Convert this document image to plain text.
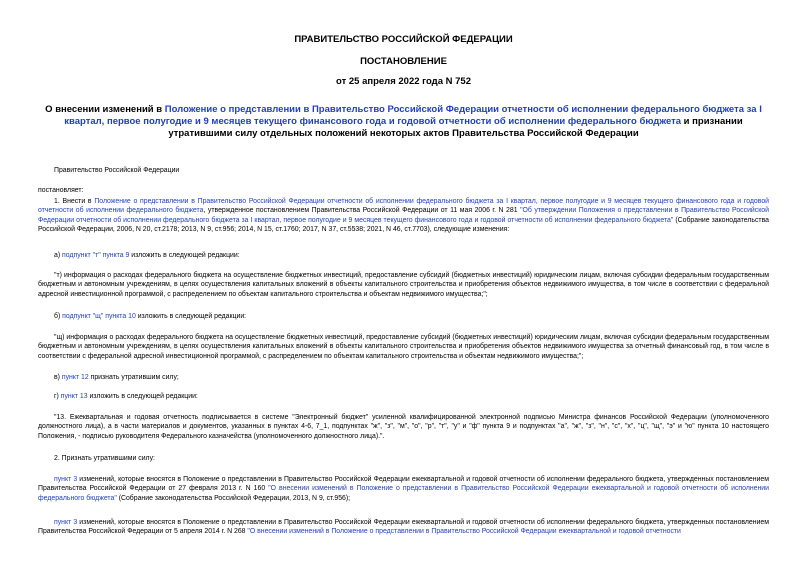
ПРАВИТЕЛЬСТВО РОССИЙСКОЙ ФЕДЕРАЦИИ
ПОСТАНОВЛЕНИЕ
от 25 апреля 2022 года N 752
О внесении изменений в Положение о представлении в Правительство Российской Федерации отчетности об исполнении федерального бюджета за I квартал, первое полугодие и 9 месяцев текущего финансового года и годовой отчетности об исполнении федерального бюджета и признании утратившими силу отдельных положений некоторых актов Правительства Российской Федерации
Правительство Российской Федерации
постановляет:
1. Внести в Положение о представлении в Правительство Российской Федерации отчетности об исполнении федерального бюджета за I квартал, первое полугодие и 9 месяцев текущего финансового года и годовой отчетности об исполнении федерального бюджета, утвержденное постановлением Правительства Российской Федерации от 11 мая 2006 г. N 281 "Об утверждении Положения о представлении в Правительство Российской Федерации отчетности об исполнении федерального бюджета за I квартал, первое полугодие и 9 месяцев текущего финансового года и годовой отчетности об исполнении федерального бюджета" (Собрание законодательства Российской Федерации, 2006, N 20, ст.2178; 2013, N 9, ст.956; 2014, N 15, ст.1760; 2017, N 37, ст.5538; 2021, N 46, ст.7703), следующие изменения:
а) подпункт "т" пункта 9 изложить в следующей редакции:
"т) информация о расходах федерального бюджета на осуществление бюджетных инвестиций, предоставление субсидий (бюджетных инвестиций) юридическим лицам, включая субсидии федеральным государственным бюджетным и автономным учреждениям, в целях осуществления капитальных вложений в объекты капитального строительства и приобретения объектов недвижимого имущества, в том числе в соответствии с федеральной адресной инвестиционной программой, с распределением по объектам капитального строительства и объектам недвижимого имущества;";
б) подпункт "щ" пункта 10 изложить в следующей редакции:
"щ) информация о расходах федерального бюджета на осуществление бюджетных инвестиций, предоставление субсидий (бюджетных инвестиций) юридическим лицам, включая субсидии федеральным государственным бюджетным и автономным учреждениям, в целях осуществления капитальных вложений в объекты капитального строительства и приобретения объектов недвижимого имущества за отчетный финансовый год, в том числе в соответствии с федеральной адресной инвестиционной программой, с распределением по объектам капитального строительства и объектам недвижимого имущества;";
в) пункт 12 признать утратившим силу;
г) пункт 13 изложить в следующей редакции:
"13. Ежеквартальная и годовая отчетность подписывается в системе "Электронный бюджет" усиленной квалифицированной электронной подписью Министра финансов Российской Федерации (уполномоченного должностного лица), а в части материалов и документов, указанных в пунктах 4-6, 7_1, подпунктах "ж", "з", "м", "о", "р", "т", "у" и "ф" пункта 9 и подпунктах "а", "ж", "з", "н", "с", "х", "ц", "щ", "э" и "ю" пункта 10 настоящего Положения, - подписью руководителя Федерального казначейства (уполномоченного должностного лица).".
2. Признать утратившими силу:
пункт 3 изменений, которые вносятся в Положение о представлении в Правительство Российской Федерации ежеквартальной и годовой отчетности об исполнении федерального бюджета, утвержденных постановлением Правительства Российской Федерации от 27 февраля 2013 г. N 160 "О внесении изменений в Положение о представлении в Правительство Российской Федерации ежеквартальной и годовой отчетности об исполнении федерального бюджета" (Собрание законодательства Российской Федерации, 2013, N 9, ст.956);
пункт 3 изменений, которые вносятся в Положение о представлении в Правительство Российской Федерации ежеквартальной и годовой отчетности об исполнении федерального бюджета, утвержденных постановлением Правительства Российской Федерации от 5 апреля 2014 г. N 268 "О внесении изменений в Положение о представлении в Правительство Российской Федерации ежеквартальной и годовой отчетности
